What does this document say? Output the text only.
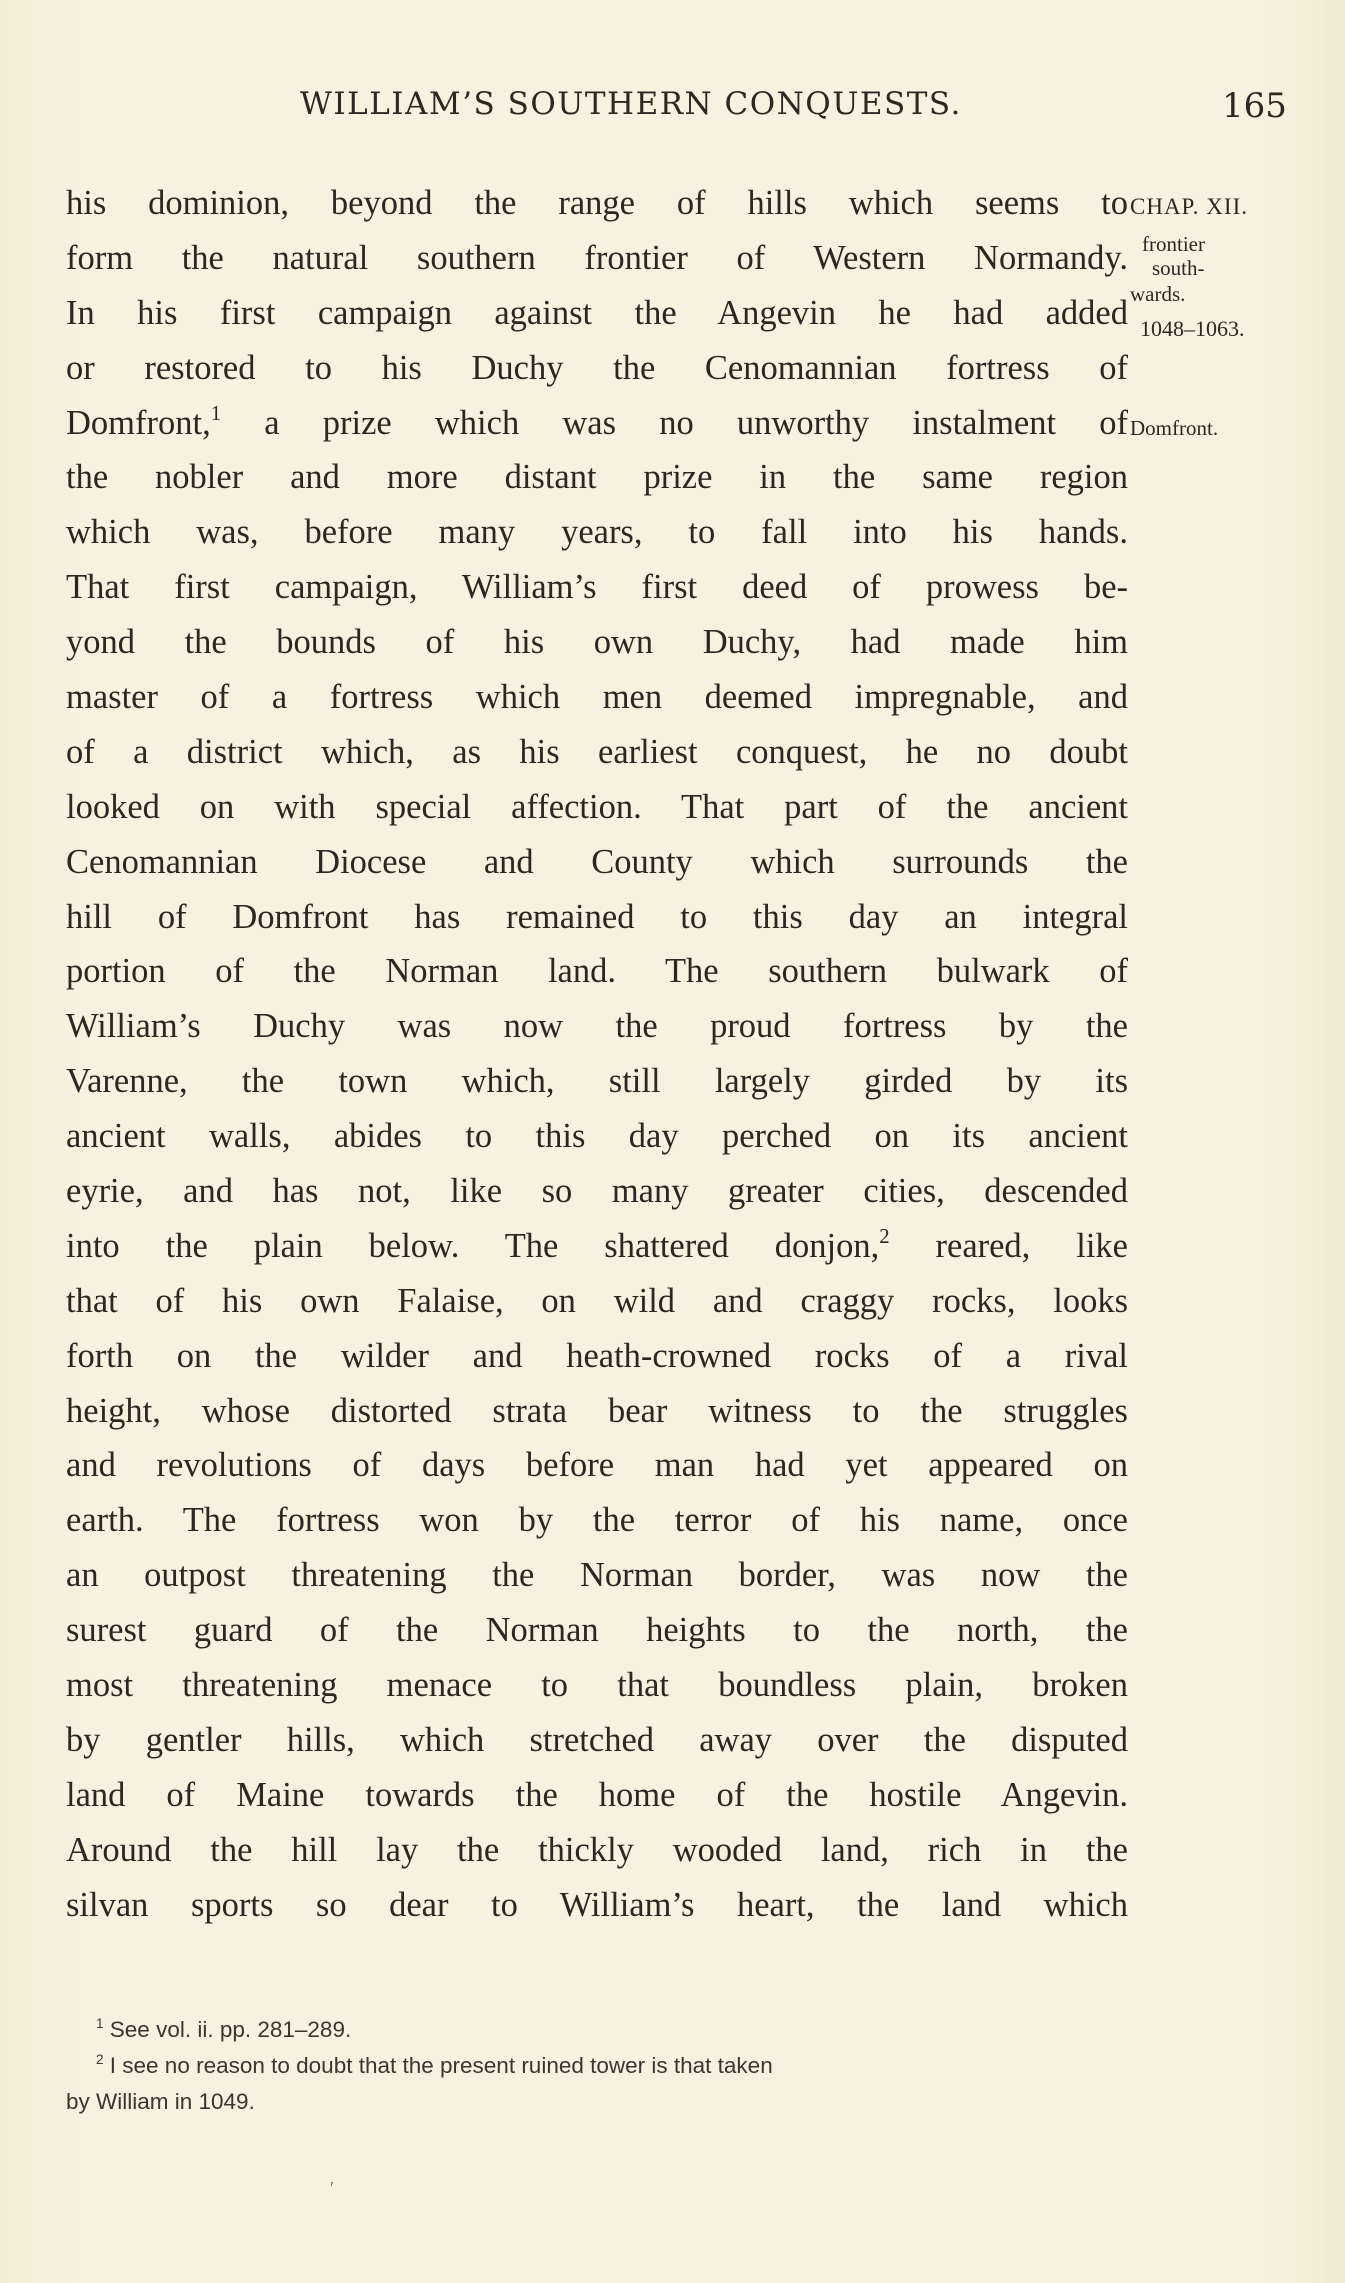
WILLIAM’S SOUTHERN CONQUESTS.	165
his dominion, beyond the range of hills which seems to
form the natural southern frontier of Western Normandy.
In his first campaign against the Angevin he had added
or restored to his Duchy the Cenomannian fortress of
Domfront,$^1$ a prize which was no unworthy instalment of
the nobler and more distant prize in the same region
which was, before many years, to fall into his hands.
That first campaign, William’s first deed of prowess be-
yond the bounds of his own Duchy, had made him
master of a fortress which men deemed impregnable, and
of a district which, as his earliest conquest, he no doubt
looked on with special affection. That part of the ancient
Cenomannian Diocese and County which surrounds the
hill of Domfront has remained to this day an integral
portion of the Norman land. The southern bulwark of
William’s Duchy was now the proud fortress by the
Varenne, the town which, still largely girded by its
ancient walls, abides to this day perched on its ancient
eyrie, and has not, like so many greater cities, descended
into the plain below. The shattered donjon,$^2$ reared, like
that of his own Falaise, on wild and craggy rocks, looks
forth on the wilder and heath-crowned rocks of a rival
height, whose distorted strata bear witness to the struggles
and revolutions of days before man had yet appeared on
earth. The fortress won by the terror of his name, once
an outpost threatening the Norman border, was now the
surest guard of the Norman heights to the north, the
most threatening menace to that boundless plain, broken
by gentler hills, which stretched away over the disputed
land of Maine towards the home of the hostile Angevin.
Around the hill lay the thickly wooded land, rich in the
silvan sports so dear to William’s heart, the land which
CHAP. XII.
frontier
south-
wards.
1048–1063.
Domfront.
$^1$ See vol. ii. pp. 281–289.
$^2$ I see no reason to doubt that the present ruined tower is that taken
by William in 1049.
′
